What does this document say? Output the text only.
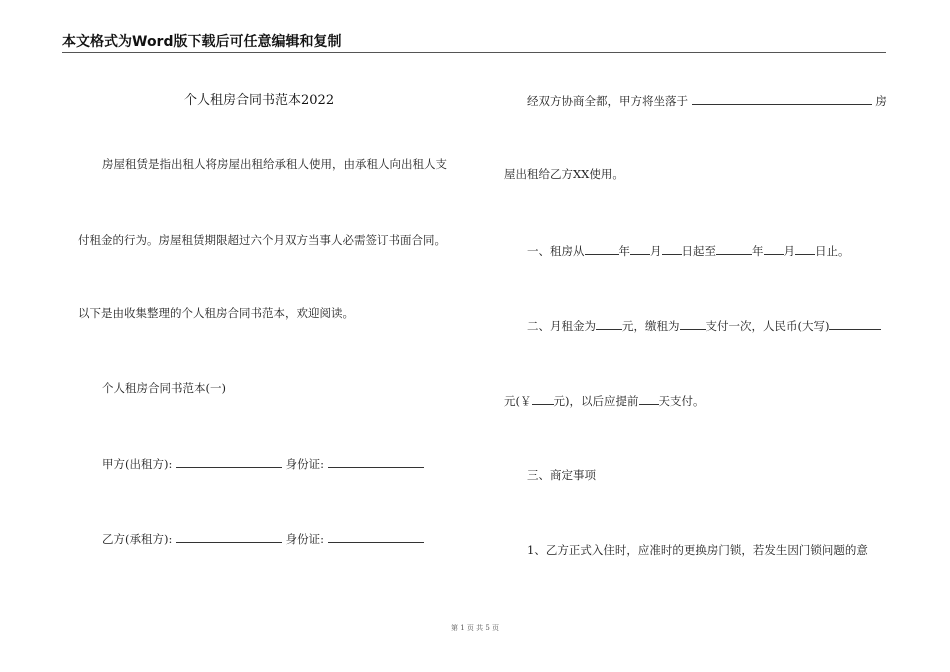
本文格式为Word版下载后可任意编辑和复制
个人租房合同书范本2022
房屋租赁是指出租人将房屋出租给承租人使用，由承租人向出租人支
付租金的行为。房屋租赁期限超过六个月双方当事人必需签订书面合同。
以下是由收集整理的个人租房合同书范本，欢迎阅读。
个人租房合同书范本(一)
甲方(出租方):	身份证:
乙方(承租方):	身份证:
经双方协商全都，甲方将坐落于	房
屋出租给乙方XX使用。
一、租房从	年 月 日起至	年 月 日止。
二、月租金为 元，缴租为 支付一次，人民币(大写)
元(￥ 元)，以后应提前 天支付。
三、商定事项
1、乙方正式入住时，应准时的更换房门锁，若发生因门锁问题的意
第 1 页 共 5 页
